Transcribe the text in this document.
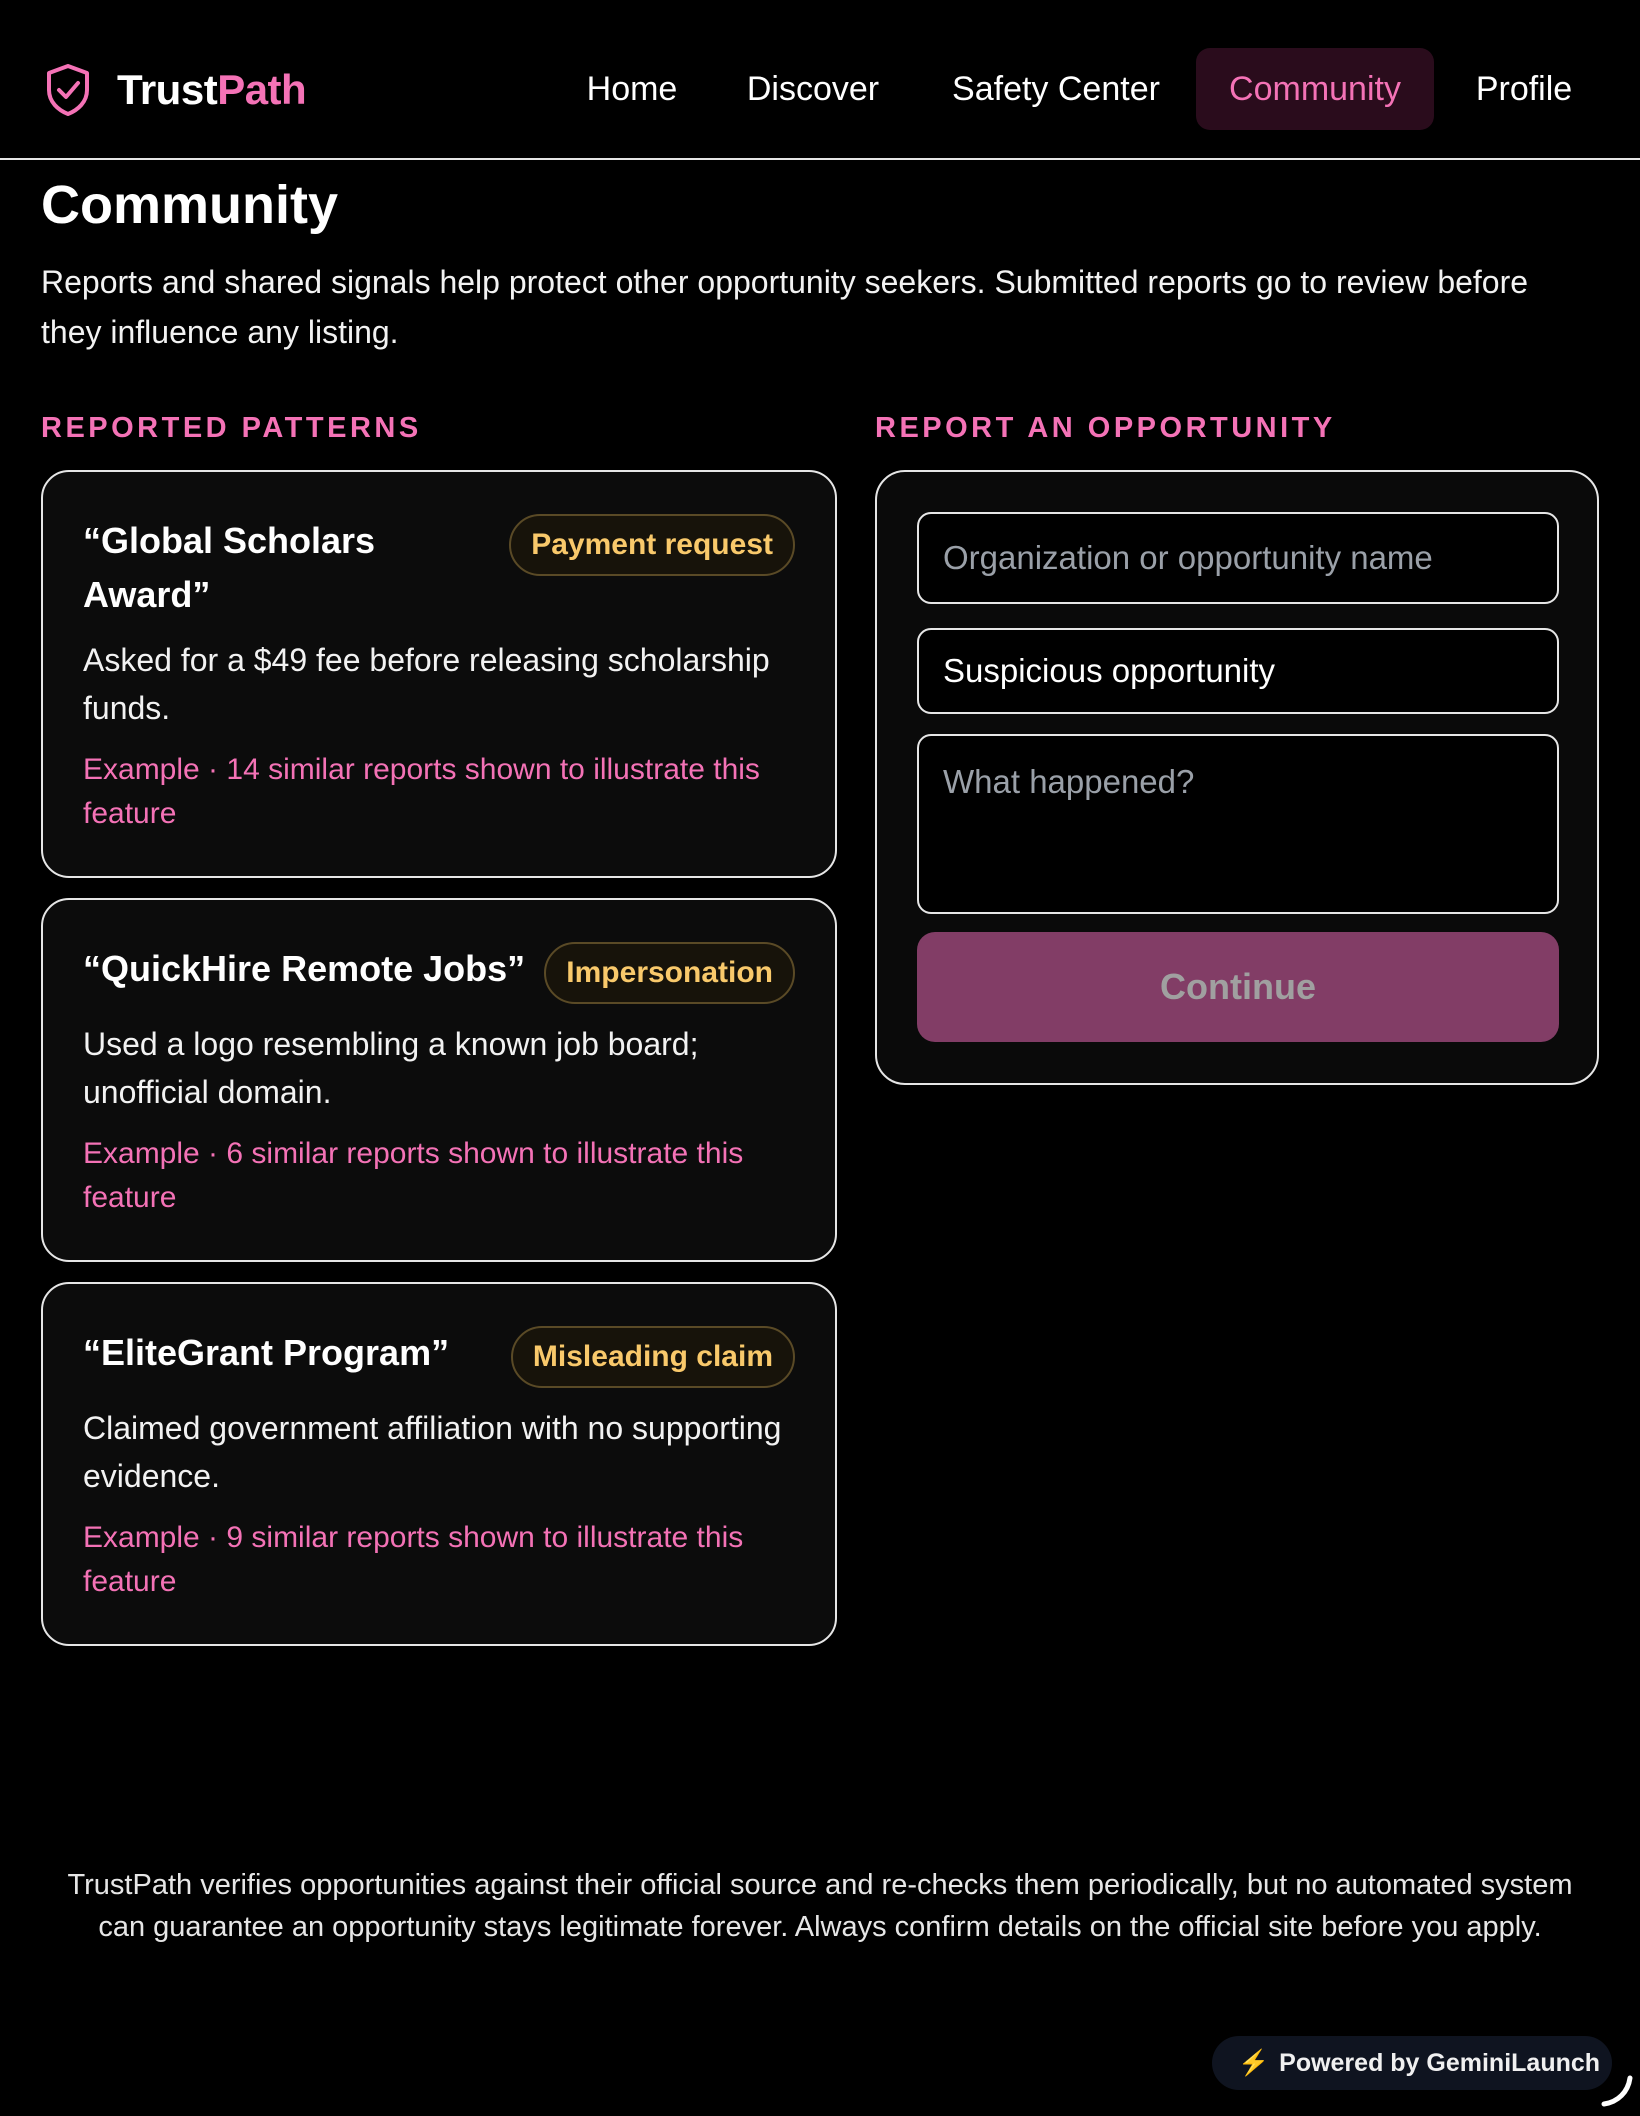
TrustPath	Home	Discover	Safety Center	Community	Profile
Community

Reports and shared signals help protect other opportunity seekers. Submitted reports go to review before they influence any listing.

REPORTED PATTERNS
“Global Scholars Award”
Payment request
Asked for a $49 fee before releasing scholarship funds.
Example · 14 similar reports shown to illustrate this feature
“QuickHire Remote Jobs”	Impersonation
Used a logo resembling a known job board; unofficial domain.
Example · 6 similar reports shown to illustrate this feature
“EliteGrant Program”	Misleading claim
Claimed government affiliation with no supporting evidence.
Example · 9 similar reports shown to illustrate this feature
REPORT AN OPPORTUNITY
Organization or opportunity name
Suspicious opportunity
What happened?
Continue

TrustPath verifies opportunities against their official source and re-checks them periodically, but no automated system can guarantee an opportunity stays legitimate forever. Always confirm details on the official site before you apply.

⚡ Powered by GeminiLaunch
